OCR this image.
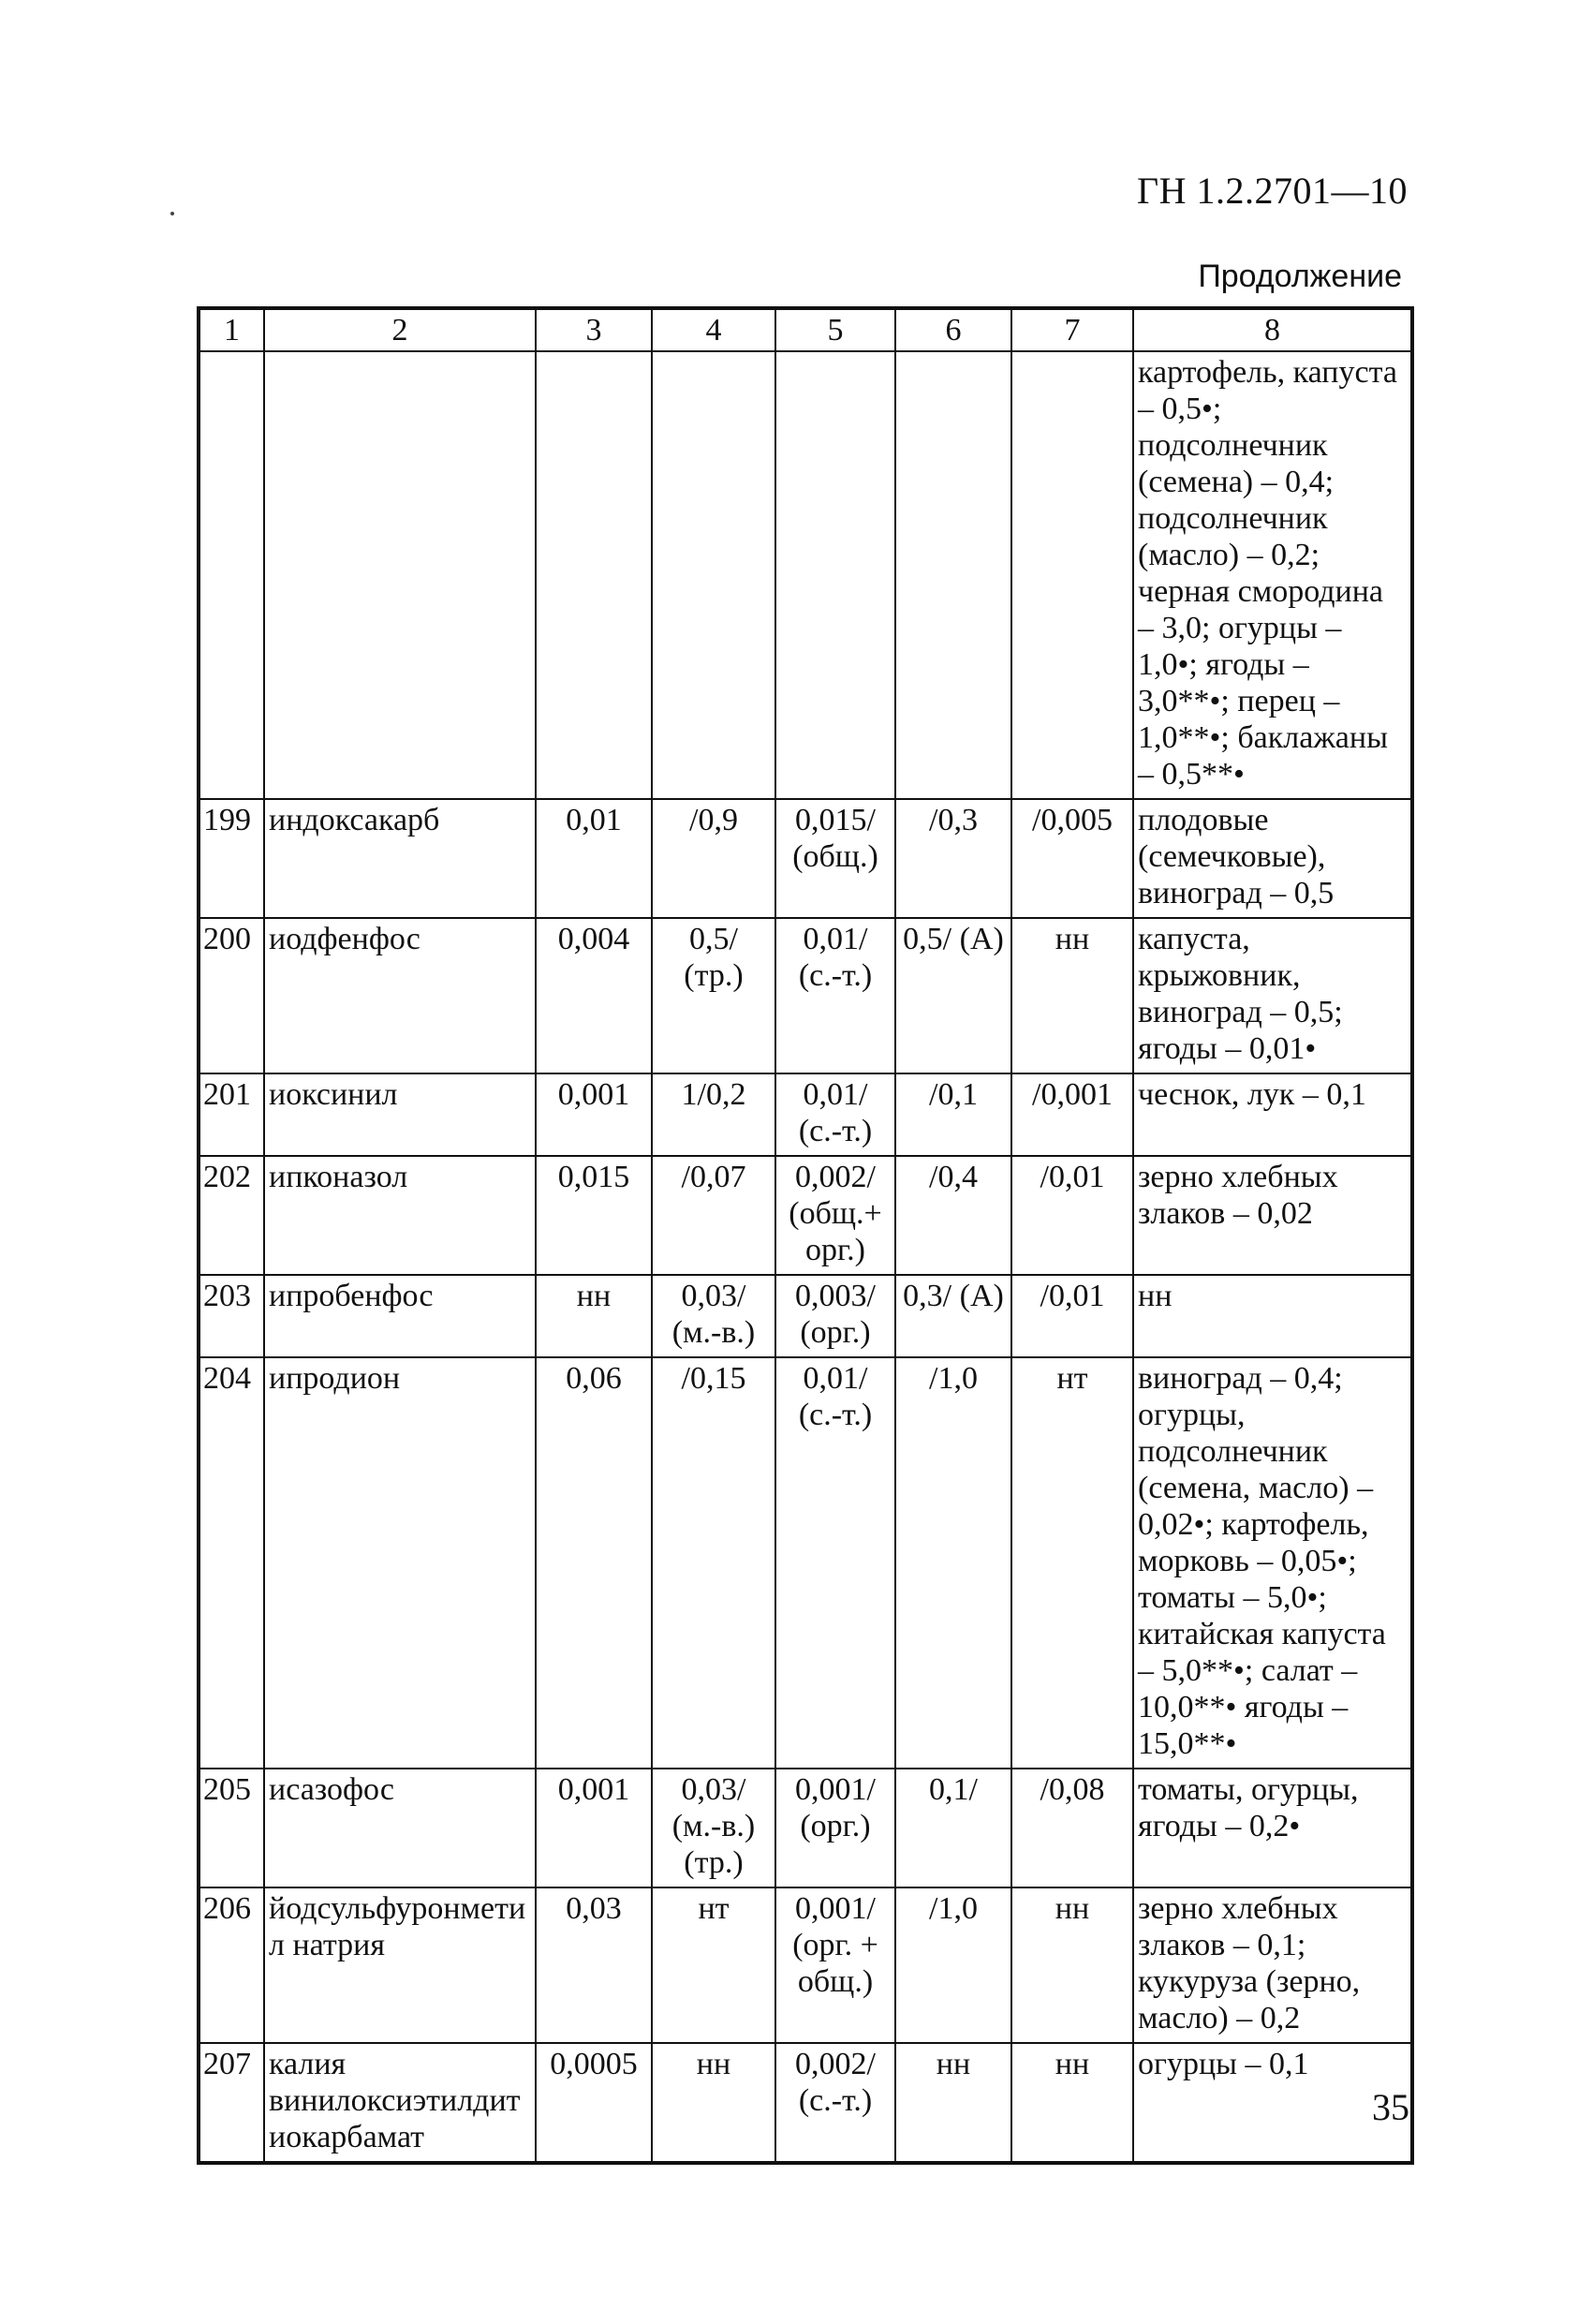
ГН 1.2.2701—10
Продолжение
1	2	3	4	5	6	7	8
							картофель, капуста – 0,5•; подсолнечник (семена) – 0,4; подсолнечник (масло) – 0,2; черная смородина – 3,0; огурцы – 1,0•; ягоды – 3,0**•; перец – 1,0**•; баклажаны – 0,5**•
199	индоксакарб	0,01	/0,9	0,015/ (общ.)	/0,3	/0,005	плодовые (семечковые), виноград – 0,5
200	иодфенфос	0,004	0,5/ (тр.)	0,01/ (с.-т.)	0,5/ (А)	нн	капуста, крыжовник, виноград – 0,5; ягоды – 0,01•
201	иоксинил	0,001	1/0,2	0,01/ (с.-т.)	/0,1	/0,001	чеснок, лук – 0,1
202	ипконазол	0,015	/0,07	0,002/ (общ.+ орг.)	/0,4	/0,01	зерно хлебных злаков – 0,02
203	ипробенфос	нн	0,03/ (м.-в.)	0,003/ (орг.)	0,3/ (А)	/0,01	нн
204	ипродион	0,06	/0,15	0,01/ (с.-т.)	/1,0	нт	виноград – 0,4; огурцы, подсолнечник (семена, масло) – 0,02•; картофель, морковь – 0,05•; томаты – 5,0•; китайская капуста – 5,0**•; салат – 10,0**• ягоды – 15,0**•
205	исазофос	0,001	0,03/ (м.-в.) (тр.)	0,001/ (орг.)	0,1/	/0,08	томаты, огурцы, ягоды – 0,2•
206	йодсульфуронметил натрия	0,03	нт	0,001/ (орг. + общ.)	/1,0	нн	зерно хлебных злаков – 0,1; кукуруза (зерно, масло) – 0,2
207	калия винилоксиэтилдитиокарбамат	0,0005	нн	0,002/ (с.-т.)	нн	нн	огурцы – 0,1
35
